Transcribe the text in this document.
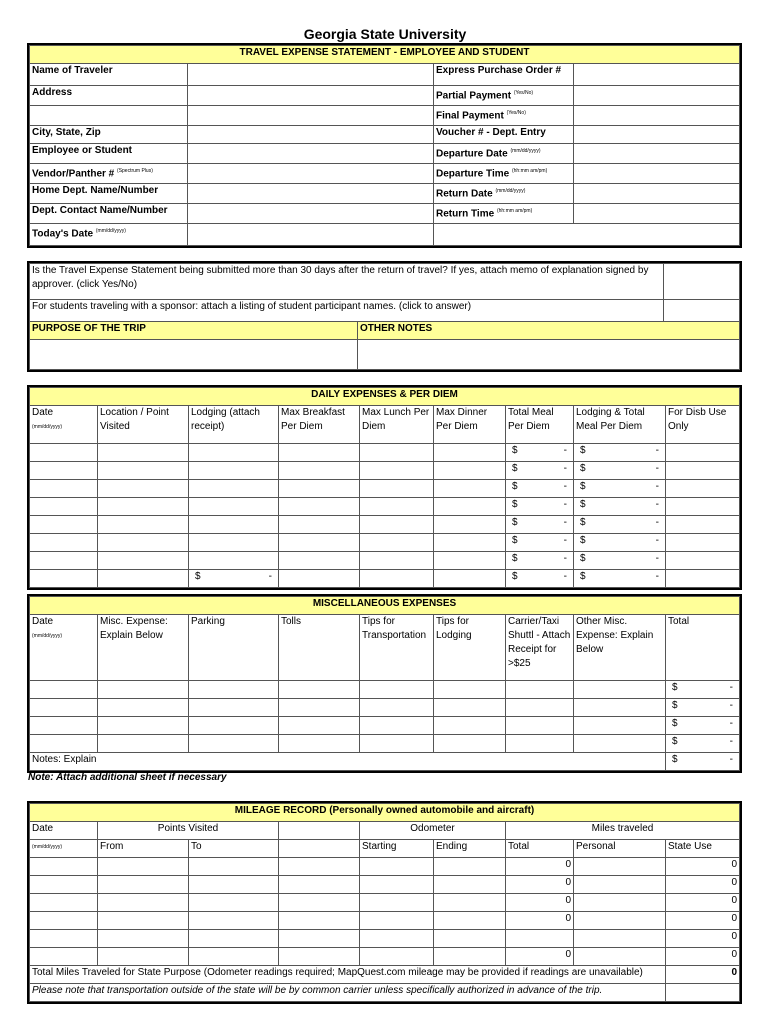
Georgia State University
TRAVEL EXPENSE STATEMENT - EMPLOYEE AND STUDENT			
Name of Traveler		Express Purchase Order #	
Address		Partial Payment $^{(Yes/No)}$	
		Final Payment $^{(Yes/No)}$	
City, State, Zip		Voucher # - Dept. Entry	
Employee or Student		Departure Date $^{(mm/dd/yyyy)}$	
Vendor/Panther # $^{(Spectrum Plus)}$		Departure Time $^{(hh:mm am/pm)}$	
Home Dept. Name/Number		Return Date $^{(mm/dd/yyyy)}$	
Dept. Contact Name/Number		Return Time $^{(hh:mm am/pm)}$	
Today's Date $^{(mm/dd/yyyy)}$		
Is the Travel Expense Statement being submitted more than 30 days after the return of travel? If yes, attach memo of explanation signed by approver. (click Yes/No)		
For students traveling with a sponsor: attach a listing of student participant names. (click to answer)		
PURPOSE OF THE TRIP	OTHER NOTES	

DAILY EXPENSES & PER DIEM								
Date
$^{(mm/dd/yyyy)}$	Location / Point Visited	Lodging (attach receipt)	Max Breakfast Per Diem	Max Lunch Per Diem	Max Dinner Per Diem	Total Meal Per Diem	Lodging & Total Meal Per Diem	For Disb Use Only

						$ -	$ -	

						$ -	$ -	

						$ -	$ -	

						$ -	$ -	

						$ -	$ -	

						$ -	$ -	

						$ -	$ -	

		$ -				$ -	$ -	

MISCELLANEOUS EXPENSES								
Date
$^{(mm/dd/yyyy)}$	Misc. Expense: Explain Below	Parking	Tolls	Tips for Transportation	Tips for Lodging	Carrier/Taxi Shuttl - Attach Receipt for >$25	Other Misc. Expense: Explain Below	Total

								$ -

								$ -

								$ -

								$ -

Notes: Explain								$ -
Note: Attach additional sheet if necessary
MILEAGE RECORD (Personally owned automobile and aircraft)								
Date	Points Visited			Odometer		Miles traveled		
$^{(mm/dd/yyyy)}$	From	To		Starting	Ending	Total	Personal	State Use
						0		0
						0		0
						0		0
						0		0
								0
						0		0
Total Miles Traveled for State Purpose (Odometer readings required; MapQuest.com mileage may be provided if readings are unavailable)								0
Please note that transportation outside of the state will be by common carrier unless specifically authorized in advance of the trip.								
